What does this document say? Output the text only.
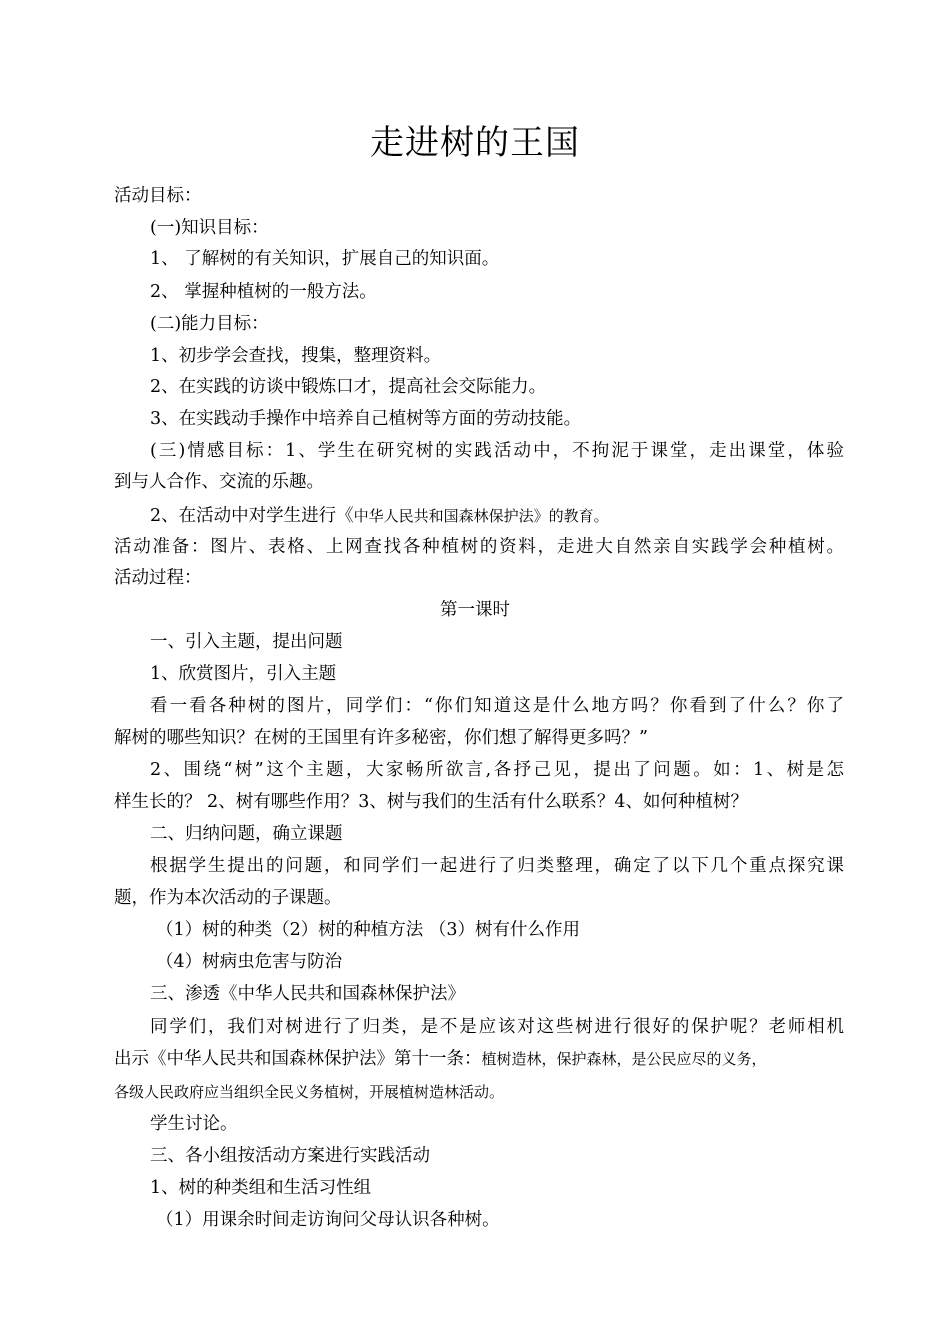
走进树的王国
活动目标：
(一)知识目标：
1、 了解树的有关知识，扩展自己的知识面。
2、 掌握种植树的一般方法。
(二)能力目标：
1、初步学会查找，搜集，整理资料。
2、在实践的访谈中锻炼口才，提高社会交际能力。
3、在实践动手操作中培养自己植树等方面的劳动技能。
(三)情感目标：1、学生在研究树的实践活动中，不拘泥于课堂，走出课堂，体验
到与人合作、交流的乐趣。
2、在活动中对学生进行《中华人民共和国森林保护法》的教育。
活动准备：图片、表格、上网查找各种植树的资料，走进大自然亲自实践学会种植树。
活动过程：
第一课时
一、引入主题，提出问题
1、欣赏图片，引入主题
看一看各种树的图片，同学们：“你们知道这是什么地方吗？你看到了什么？你了
解树的哪些知识？在树的王国里有许多秘密，你们想了解得更多吗？”
2、围绕“树”这个主题，大家畅所欲言,各抒己见，提出了问题。如：1、树是怎
样生长的？ 2、树有哪些作用？3、树与我们的生活有什么联系？4、如何种植树？
二、归纳问题，确立课题
根据学生提出的问题，和同学们一起进行了归类整理，确定了以下几个重点探究课
题，作为本次活动的子课题。
（1）树的种类（2）树的种植方法 （3）树有什么作用
（4）树病虫危害与防治
三、渗透《中华人民共和国森林保护法》
同学们，我们对树进行了归类，是不是应该对这些树进行很好的保护呢？老师相机
出示《中华人民共和国森林保护法》第十一条：植树造林，保护森林，是公民应尽的义务，
各级人民政府应当组织全民义务植树，开展植树造林活动。
学生讨论。
三、各小组按活动方案进行实践活动
1、树的种类组和生活习性组
（1）用课余时间走访询问父母认识各种树。
